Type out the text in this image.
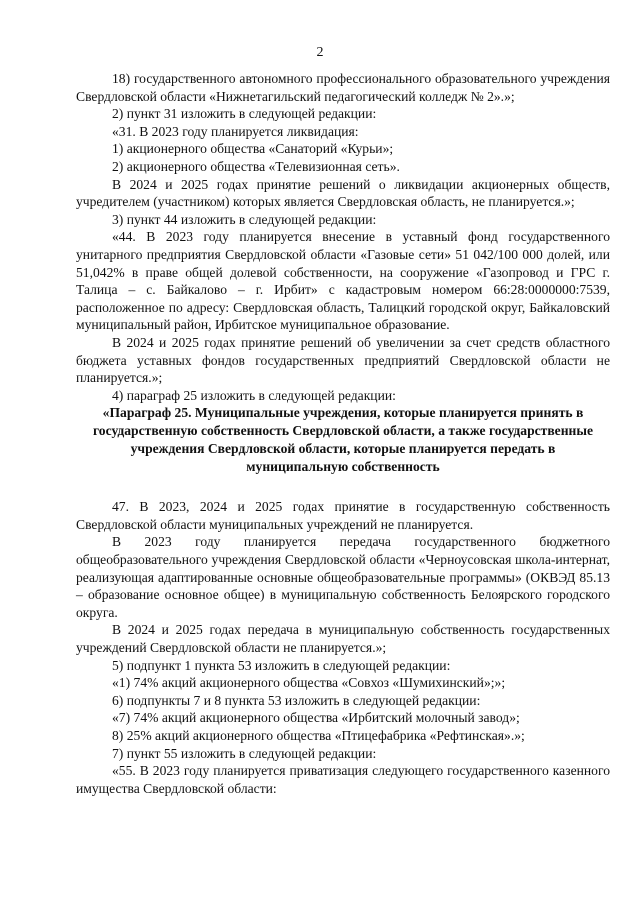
2

18) государственного автономного профессионального образовательного учреждения Свердловской области «Нижнетагильский педагогический колледж № 2».»;

2) пункт 31 изложить в следующей редакции:

«31. В 2023 году планируется ликвидация:

1) акционерного общества «Санаторий «Курьи»;

2) акционерного общества «Телевизионная сеть».

В 2024 и 2025 годах принятие решений о ликвидации акционерных обществ, учредителем (участником) которых является Свердловская область, не планируется.»;

3) пункт 44 изложить в следующей редакции:

«44. В 2023 году планируется внесение в уставный фонд государственного унитарного предприятия Свердловской области «Газовые сети» 51 042/100 000 долей, или 51,042% в праве общей долевой собственности, на сооружение «Газопровод и ГРС г. Талица – с. Байкалово – г. Ирбит» с кадастровым номером 66:28:0000000:7539, расположенное по адресу: Свердловская область, Талицкий городской округ, Байкаловский муниципальный район, Ирбитское муниципальное образование.

В 2024 и 2025 годах принятие решений об увеличении за счет средств областного бюджета уставных фондов государственных предприятий Свердловской области не планируется.»;

4) параграф 25 изложить в следующей редакции:

«Параграф 25. Муниципальные учреждения, которые планируется принять в государственную собственность Свердловской области, а также государственные учреждения Свердловской области, которые планируется передать в муниципальную собственность

47. В 2023, 2024 и 2025 годах принятие в государственную собственность Свердловской области муниципальных учреждений не планируется.

В 2023 году планируется передача государственного бюджетного общеобразовательного учреждения Свердловской области «Черноусовская школа-интернат, реализующая адаптированные основные общеобразовательные программы» (ОКВЭД 85.13 – образование основное общее) в муниципальную собственность Белоярского городского округа.

В 2024 и 2025 годах передача в муниципальную собственность государственных учреждений Свердловской области не планируется.»;

5) подпункт 1 пункта 53 изложить в следующей редакции:

«1) 74% акций акционерного общества «Совхоз «Шумихинский»;»;

6) подпункты 7 и 8 пункта 53 изложить в следующей редакции:

«7) 74% акций акционерного общества «Ирбитский молочный завод»;

8) 25% акций акционерного общества «Птицефабрика «Рефтинская».»;

7) пункт 55 изложить в следующей редакции:

«55. В 2023 году планируется приватизация следующего государственного казенного имущества Свердловской области:
